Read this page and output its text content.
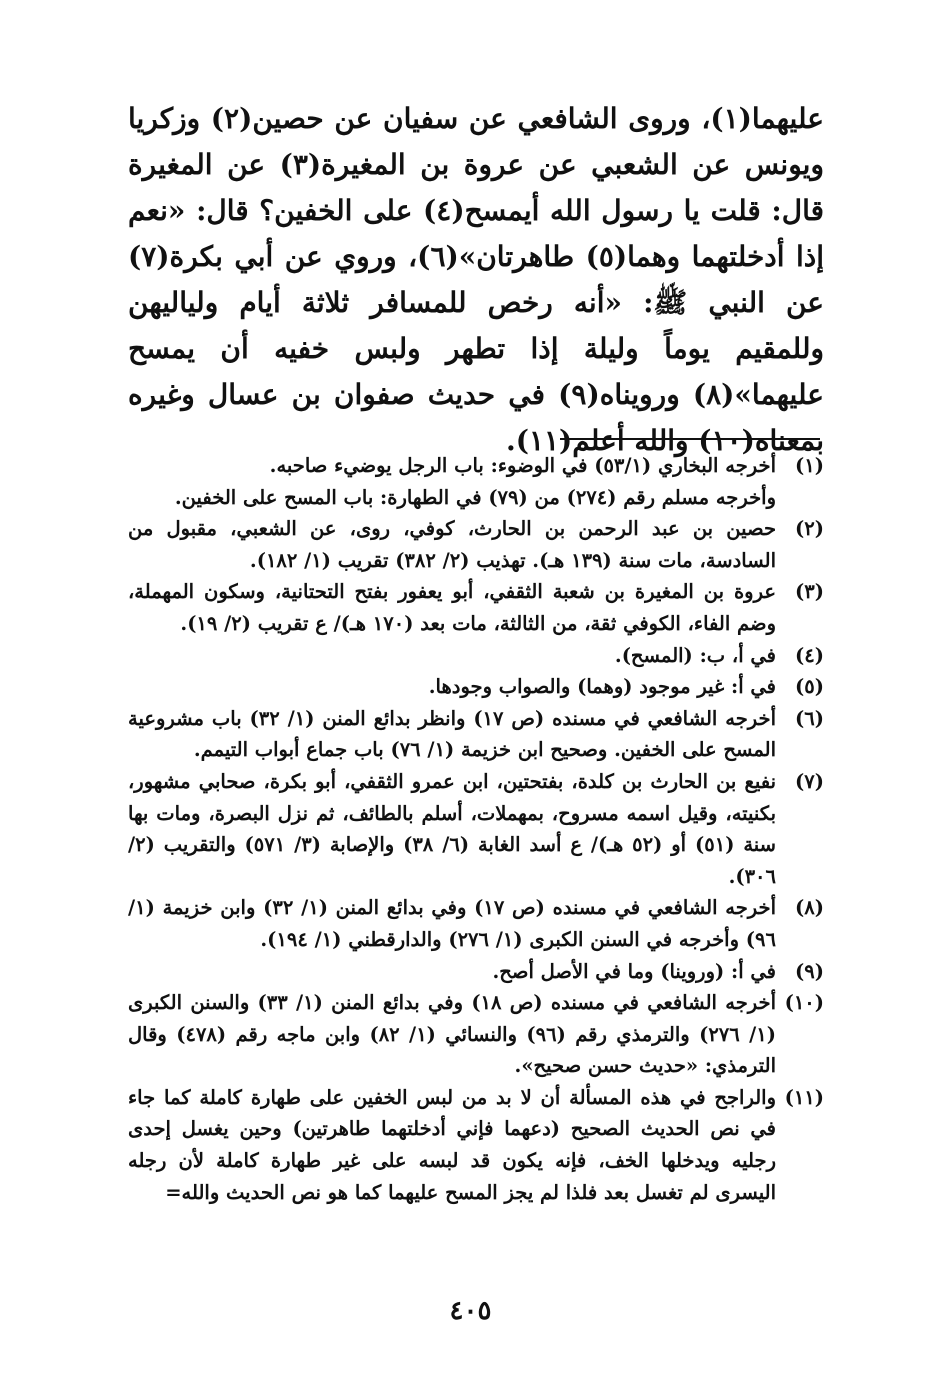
عليهما(١)، وروى الشافعي عن سفيان عن حصين(٢) وزكريا ويونس عن الشعبي عن عروة بن المغيرة(٣) عن المغيرة قال: قلت يا رسول الله أيمسح(٤) على الخفين؟ قال: «نعم إذا أدخلتهما وهما(٥) طاهرتان»(٦)، وروي عن أبي بكرة(٧) عن النبي ﷺ: «أنه رخص للمسافر ثلاثة أيام ولياليهن وللمقيم يوماً وليلة إذا تطهر ولبس خفيه أن يمسح عليهما»(٨) ورويناه(٩) في حديث صفوان بن عسال وغيره بمعناه(١٠) والله أعلم(١١).

(١)
أخرجه البخاري (٥٣/١) في الوضوء: باب الرجل يوضيء صاحبه.
وأخرجه مسلم رقم (٢٧٤) من (٧٩) في الطهارة: باب المسح على الخفين.
(٢)
حصين بن عبد الرحمن بن الحارث، كوفي، روى، عن الشعبي، مقبول من السادسة، مات سنة (١٣٩ هـ). تهذيب (٢/ ٣٨٢) تقريب (١/ ١٨٢).
(٣)
عروة بن المغيرة بن شعبة الثقفي، أبو يعفور بفتح التحتانية، وسكون المهملة، وضم الفاء، الكوفي ثقة، من الثالثة، مات بعد (١٧٠ هـ)/ ع تقريب (٢/ ١٩).
(٤)
في أ، ب: (المسح).
(٥)
في أ: غير موجود (وهما) والصواب وجودها.
(٦)
أخرجه الشافعي في مسنده (ص ١٧) وانظر بدائع المنن (١/ ٣٢) باب مشروعية المسح على الخفين. وصحيح ابن خزيمة (١/ ٧٦) باب جماع أبواب التيمم.
(٧)
نفيع بن الحارث بن كلدة، بفتحتين، ابن عمرو الثقفي، أبو بكرة، صحابي مشهور، بكنيته، وقيل اسمه مسروح، بمهملات، أسلم بالطائف، ثم نزل البصرة، ومات بها سنة (٥١) أو (٥٢ هـ)/ ع أسد الغابة (٦/ ٣٨) والإصابة (٣/ ٥٧١) والتقريب (٢/ ٣٠٦).
(٨)
أخرجه الشافعي في مسنده (ص ١٧) وفي بدائع المنن (١/ ٣٢) وابن خزيمة (١/ ٩٦) وأخرجه في السنن الكبرى (١/ ٢٧٦) والدارقطني (١/ ١٩٤).
(٩)
في أ: (وروينا) وما في الأصل أصح.
(١٠)
أخرجه الشافعي في مسنده (ص ١٨) وفي بدائع المنن (١/ ٣٣) والسنن الكبرى (١/ ٢٧٦) والترمذي رقم (٩٦) والنسائي (١/ ٨٢) وابن ماجه رقم (٤٧٨) وقال الترمذي: «حديث حسن صحيح».
(١١)
والراجح في هذه المسألة أن لا بد من لبس الخفين على طهارة كاملة كما جاء في نص الحديث الصحيح (دعهما فإني أدخلتهما طاهرتين) وحين يغسل إحدى رجليه ويدخلها الخف، فإنه يكون قد لبسه على غير طهارة كاملة لأن رجله اليسرى لم تغسل بعد فلذا لم يجز المسح عليهما كما هو نص الحديث والله=
٤٠٥
